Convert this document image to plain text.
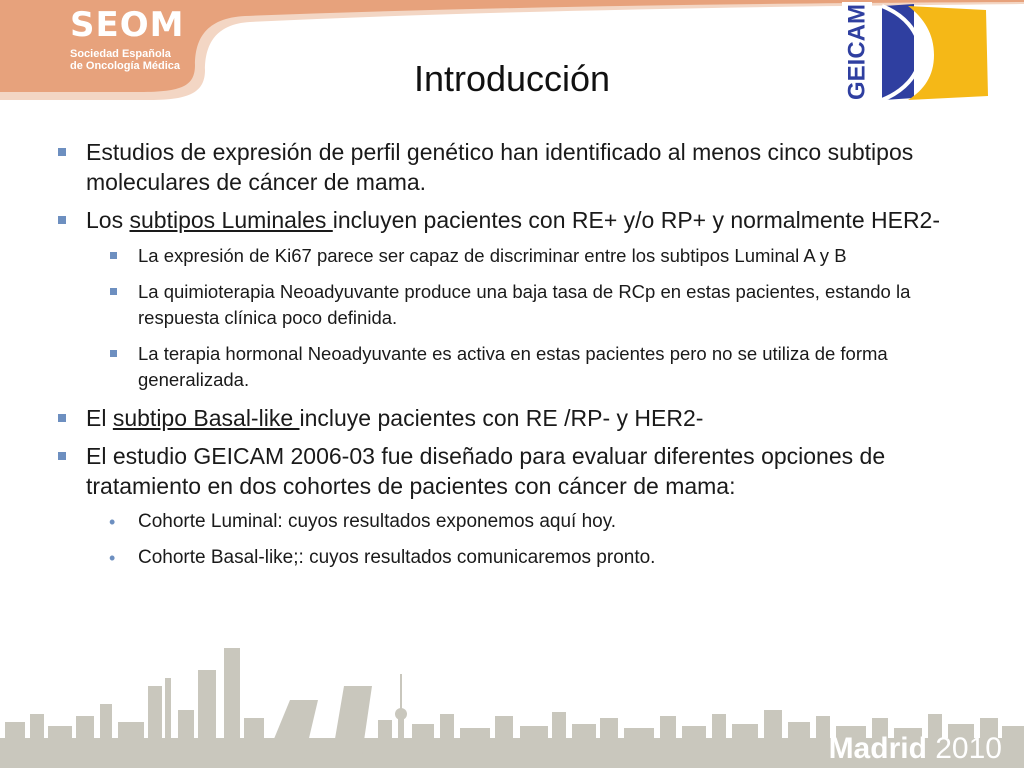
SEOM
Sociedad Española
de Oncología Médica	GEICAM
Introducción
Estudios de expresión de perfil genético han identificado al menos cinco subtipos moleculares de cáncer de mama.
Los subtipos Luminales incluyen pacientes con RE+ y/o RP+ y normalmente HER2-
La expresión de Ki67 parece ser capaz de discriminar entre los subtipos Luminal A y B
La quimioterapia Neoadyuvante produce una baja tasa de RCp en estas pacientes, estando la respuesta clínica poco definida.
La terapia hormonal Neoadyuvante es activa en estas pacientes pero no se utiliza de forma generalizada.
El subtipo Basal-like incluye pacientes con RE /RP- y HER2-
El estudio GEICAM 2006-03 fue diseñado para evaluar diferentes opciones de tratamiento en dos cohortes de pacientes con cáncer de mama:
• Cohorte Luminal: cuyos resultados exponemos aquí hoy.
• Cohorte Basal-like;: cuyos resultados comunicaremos pronto.
Madrid 2010
